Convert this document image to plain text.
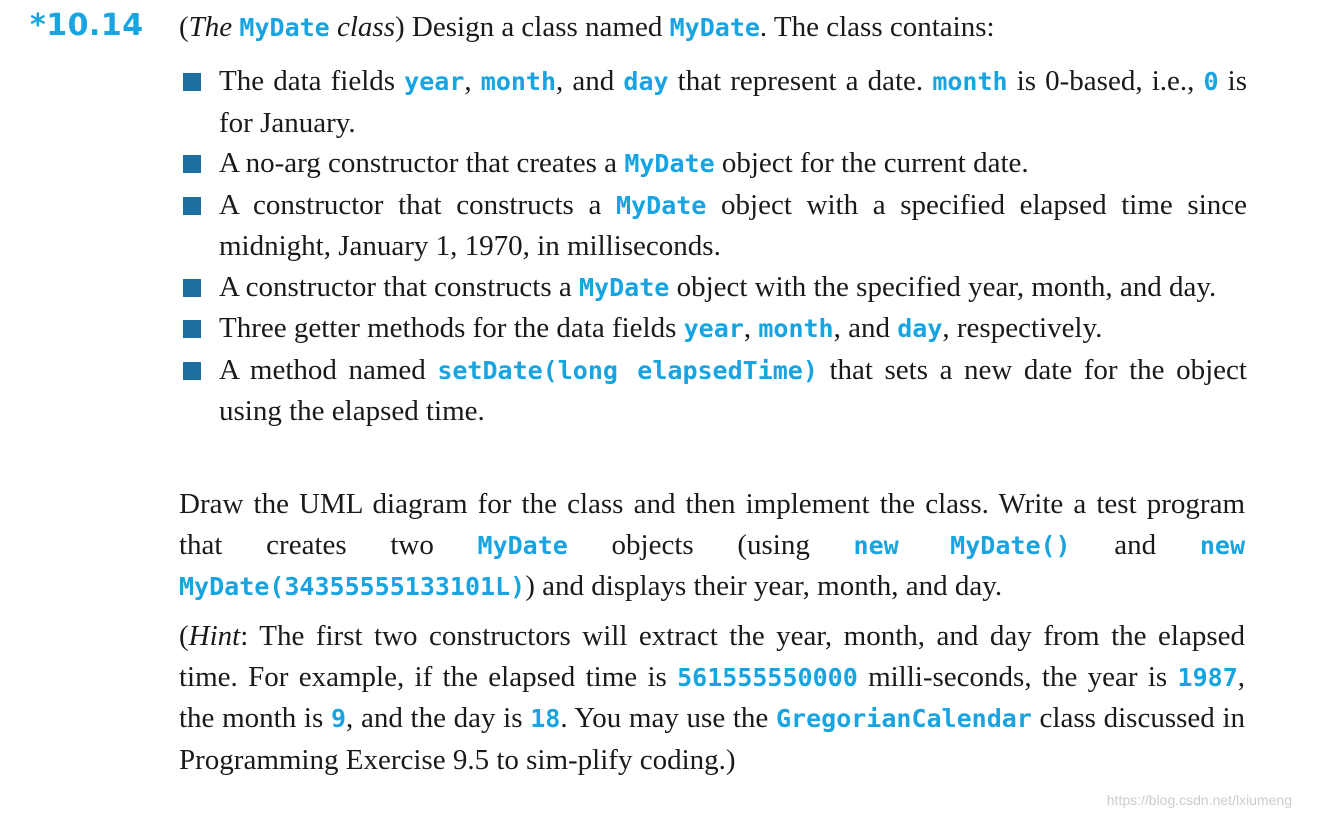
*10.14 (The MyDate class) Design a class named MyDate. The class contains:
The data fields year, month, and day that represent a date. month is 0-based, i.e., 0 is for January.
A no-arg constructor that creates a MyDate object for the current date.
A constructor that constructs a MyDate object with a specified elapsed time since midnight, January 1, 1970, in milliseconds.
A constructor that constructs a MyDate object with the specified year, month, and day.
Three getter methods for the data fields year, month, and day, respectively.
A method named setDate(long elapsedTime) that sets a new date for the object using the elapsed time.

Draw the UML diagram for the class and then implement the class. Write a test program that creates two MyDate objects (using new MyDate() and new MyDate(34355555133101L)) and displays their year, month, and day.

(Hint: The first two constructors will extract the year, month, and day from the elapsed time. For example, if the elapsed time is 561555550000 milli-seconds, the year is 1987, the month is 9, and the day is 18. You may use the GregorianCalendar class discussed in Programming Exercise 9.5 to sim-plify coding.)

https://blog.csdn.net/lxiumeng
